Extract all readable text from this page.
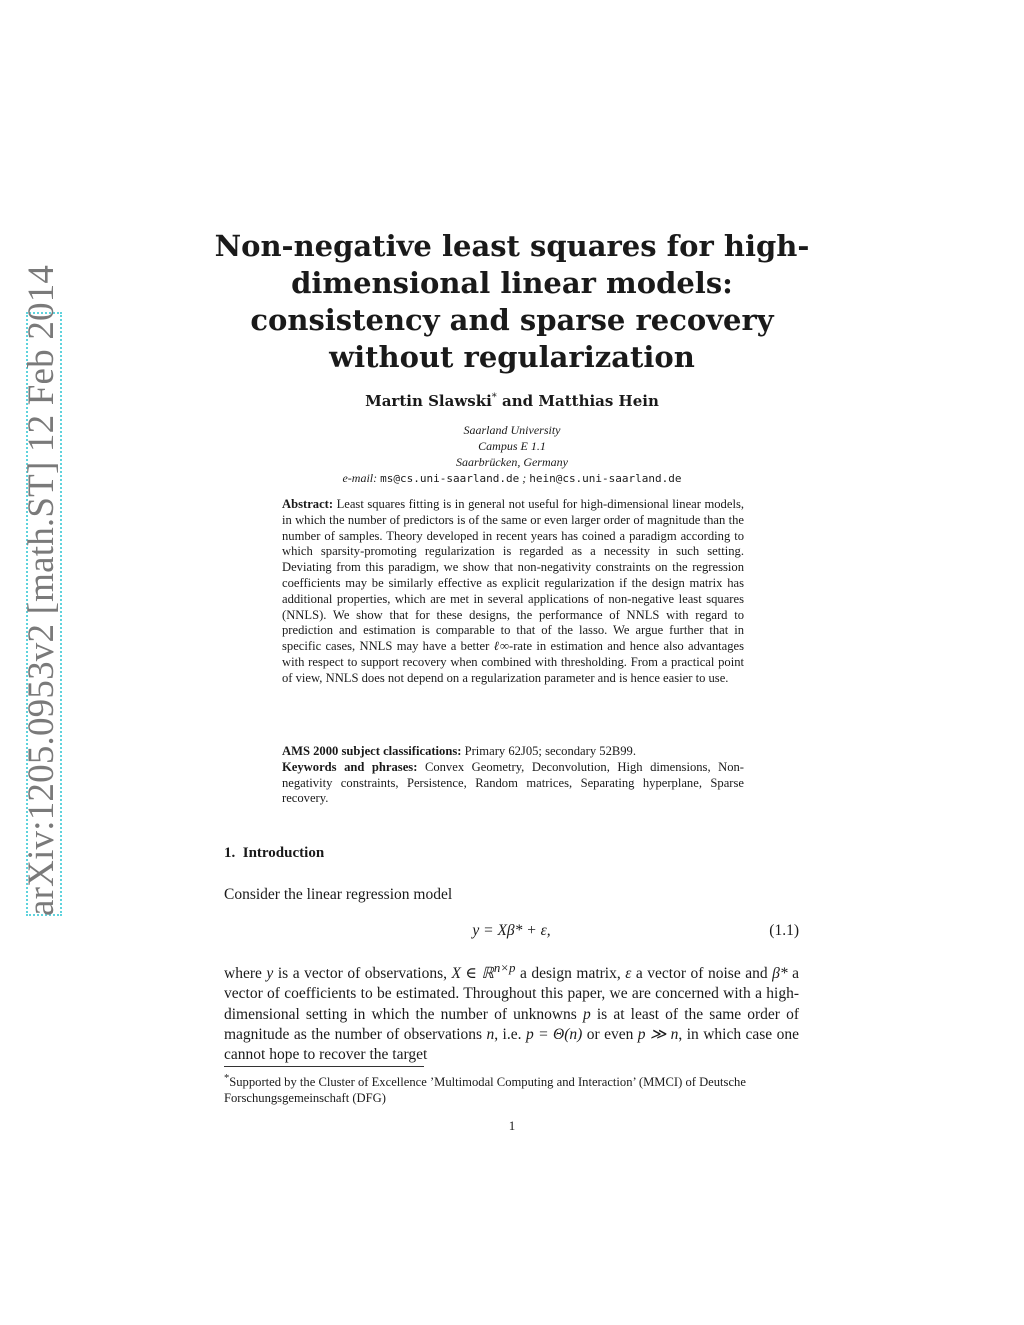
arXiv:1205.0953v2 [math.ST] 12 Feb 2014
Non-negative least squares for high-dimensional linear models: consistency and sparse recovery without regularization
Martin Slawski* and Matthias Hein
Saarland University
Campus E 1.1
Saarbrücken, Germany
e-mail: ms@cs.uni-saarland.de ; hein@cs.uni-saarland.de
Abstract: Least squares fitting is in general not useful for high-dimensional linear models, in which the number of predictors is of the same or even larger order of magnitude than the number of samples. Theory developed in recent years has coined a paradigm according to which sparsity-promoting regularization is regarded as a necessity in such setting. Deviating from this paradigm, we show that non-negativity constraints on the regression coefficients may be similarly effective as explicit regularization if the design matrix has additional properties, which are met in several applications of non-negative least squares (NNLS). We show that for these designs, the performance of NNLS with regard to prediction and estimation is comparable to that of the lasso. We argue further that in specific cases, NNLS may have a better ℓ∞-rate in estimation and hence also advantages with respect to support recovery when combined with thresholding. From a practical point of view, NNLS does not depend on a regularization parameter and is hence easier to use.
AMS 2000 subject classifications: Primary 62J05; secondary 52B99.
Keywords and phrases: Convex Geometry, Deconvolution, High dimensions, Non-negativity constraints, Persistence, Random matrices, Separating hyperplane, Sparse recovery.
1. Introduction
Consider the linear regression model
y = Xβ* + ε,	(1.1)
where y is a vector of observations, X ∈ ℝ$^{n\times p}$ a design matrix, ε a vector of noise and β* a vector of coefficients to be estimated. Throughout this paper, we are concerned with a high-dimensional setting in which the number of unknowns p is at least of the same order of magnitude as the number of observations n, i.e. p = Θ(n) or even p ≫ n, in which case one cannot hope to recover the target
*Supported by the Cluster of Excellence ’Multimodal Computing and Interaction’ (MMCI) of Deutsche Forschungsgemeinschaft (DFG)
1
